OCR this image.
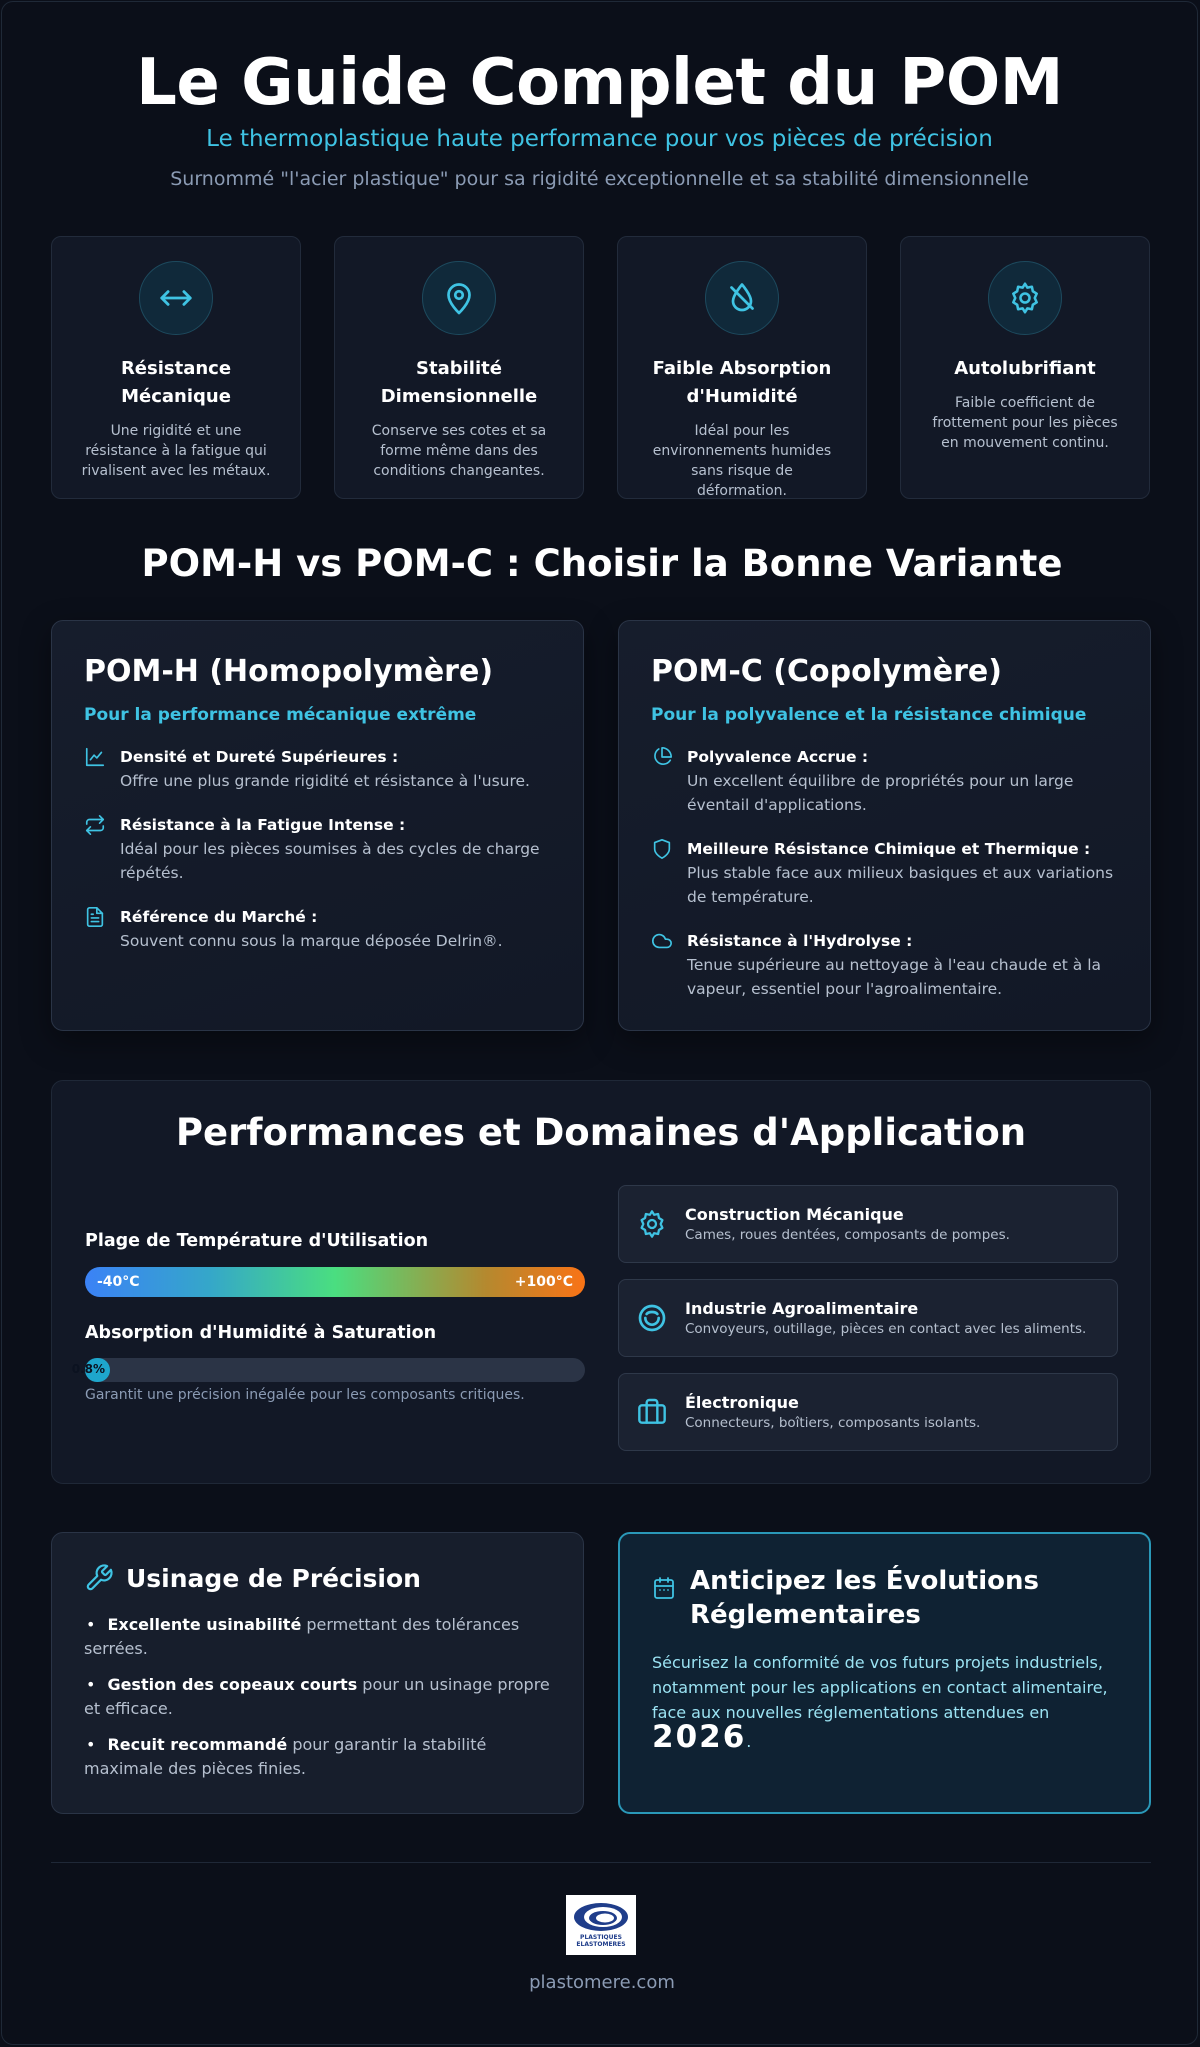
Le Guide Complet du POM
Le thermoplastique haute performance pour vos pièces de précision
Surnommé "l'acier plastique" pour sa rigidité exceptionnelle et sa stabilité dimensionnelle
Résistance Mécanique
Une rigidité et une résistance à la fatigue qui rivalisent avec les métaux.
Stabilité Dimensionnelle
Conserve ses cotes et sa forme même dans des conditions changeantes.
Faible Absorption d'Humidité
Idéal pour les environnements humides sans risque de déformation.
Autolubrifiant
Faible coefficient de frottement pour les pièces en mouvement continu.
POM-H vs POM-C : Choisir la Bonne Variante
POM-H (Homopolymère)
Pour la performance mécanique extrême
Densité et Dureté Supérieures :
Offre une plus grande rigidité et résistance à l'usure.
Résistance à la Fatigue Intense :
Idéal pour les pièces soumises à des cycles de charge répétés.
Référence du Marché :
Souvent connu sous la marque déposée Delrin®.
POM-C (Copolymère)
Pour la polyvalence et la résistance chimique
Polyvalence Accrue :
Un excellent équilibre de propriétés pour un large éventail d'applications.
Meilleure Résistance Chimique et Thermique :
Plus stable face aux milieux basiques et aux variations de température.
Résistance à l'Hydrolyse :
Tenue supérieure au nettoyage à l'eau chaude et à la vapeur, essentiel pour l'agroalimentaire.
Performances et Domaines d'Application
Plage de Température d'Utilisation
-40°C	+100°C
Absorption d'Humidité à Saturation
0.8%
Garantit une précision inégalée pour les composants critiques.
Construction Mécanique
Cames, roues dentées, composants de pompes.
Industrie Agroalimentaire
Convoyeurs, outillage, pièces en contact avec les aliments.
Électronique
Connecteurs, boîtiers, composants isolants.
Usinage de Précision
• Excellente usinabilité permettant des tolérances serrées.
• Gestion des copeaux courts pour un usinage propre et efficace.
• Recuit recommandé pour garantir la stabilité maximale des pièces finies.
Anticipez les Évolutions Réglementaires

Sécurisez la conformité de vos futurs projets industriels, notamment pour les applications en contact alimentaire, face aux nouvelles réglementations attendues en 2026.

PLASTIQUES
ELASTOMERES
plastomere.com
